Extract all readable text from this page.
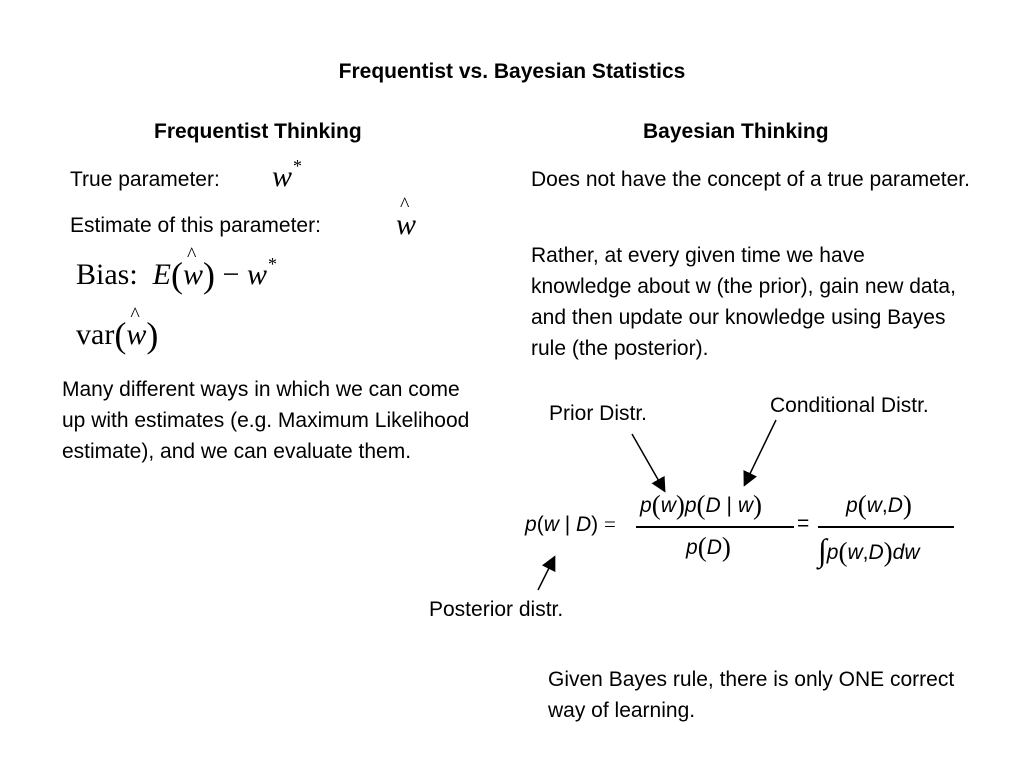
Frequentist vs. Bayesian Statistics
Frequentist Thinking
True parameter: w*
Estimate of this parameter:
^	w
Bias: E(^ w) − w*
var(^ w)
Many different ways in which we can come up with estimates (e.g. Maximum Likelihood estimate), and we can evaluate them.
Bayesian Thinking
Does not have the concept of a true parameter.
Rather, at every given time we have knowledge about w (the prior), gain new data, and then update our knowledge using Bayes rule (the posterior).
Prior Distr.	Conditional Distr.
Posterior distr.
p(w | D) =
p(w)p(D | w)
p(D)
=
p(w,D)
∫p(w,D)dw
Given Bayes rule, there is only ONE correct way of learning.
